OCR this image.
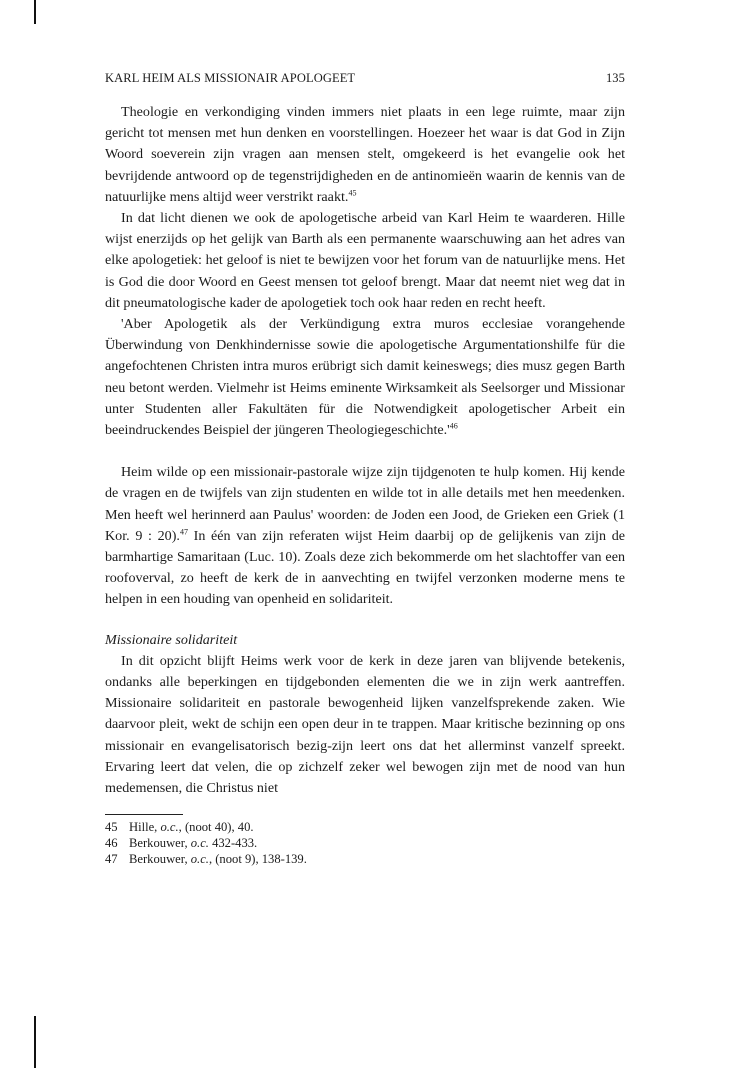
KARL HEIM ALS MISSIONAIR APOLOGEET	135

Theologie en verkondiging vinden immers niet plaats in een lege ruimte, maar zijn gericht tot mensen met hun denken en voorstellingen. Hoezeer het waar is dat God in Zijn Woord soeverein zijn vragen aan mensen stelt, omgekeerd is het evangelie ook het bevrijdende antwoord op de tegenstrijdigheden en de antinomieën waarin de kennis van de natuurlijke mens altijd weer verstrikt raakt.$^{45}$

In dat licht dienen we ook de apologetische arbeid van Karl Heim te waarderen. Hille wijst enerzijds op het gelijk van Barth als een permanente waarschuwing aan het adres van elke apologetiek: het geloof is niet te bewijzen voor het forum van de natuurlijke mens. Het is God die door Woord en Geest mensen tot geloof brengt. Maar dat neemt niet weg dat in dit pneumatologische kader de apologetiek toch ook haar reden en recht heeft.

'Aber Apologetik als der Verkündigung extra muros ecclesiae vorangehende Überwindung von Denkhindernisse sowie die apologetische Argumentationshilfe für die angefochtenen Christen intra muros erübrigt sich damit keineswegs; dies musz gegen Barth neu betont werden. Vielmehr ist Heims eminente Wirksamkeit als Seelsorger und Missionar unter Studenten aller Fakultäten für die Notwendigkeit apologetischer Arbeit ein beeindruckendes Beispiel der jüngeren $Theologiegeschichte.'^{46}$

Heim wilde op een missionair-pastorale wijze zijn tijdgenoten te hulp komen. Hij kende de vragen en de twijfels van zijn studenten en wilde tot in alle details met hen meedenken. Men heeft wel herinnerd aan Paulus' woorden: de Joden een Jood, de Grieken een Griek (1 Kor. 9 : 20).$^{47}$ In één van zijn referaten wijst Heim daarbij op de gelijkenis van zijn de barmhartige Samaritaan (Luc. 10). Zoals deze zich bekommerde om het slachtoffer van een roofoverval, zo heeft de kerk de in aanvechting en twijfel verzonken moderne mens te helpen in een houding van openheid en solidariteit.

Missionaire solidariteit

In dit opzicht blijft Heims werk voor de kerk in deze jaren van blijvende betekenis, ondanks alle beperkingen en tijdgebonden elementen die we in zijn werk aantreffen. Missionaire solidariteit en pastorale bewogenheid lijken vanzelfsprekende zaken. Wie daarvoor pleit, wekt de schijn een open deur in te trappen. Maar kritische bezinning op ons missionair en evangelisatorisch bezig-zijn leert ons dat het allerminst vanzelf spreekt. Ervaring leert dat velen, die op zichzelf zeker wel bewogen zijn met de nood van hun medemensen, die Christus niet

45 Hille, o.c., (noot 40), 40.
46 Berkouwer, o.c. 432-433.
47 Berkouwer, o.c., (noot 9), 138-139.
